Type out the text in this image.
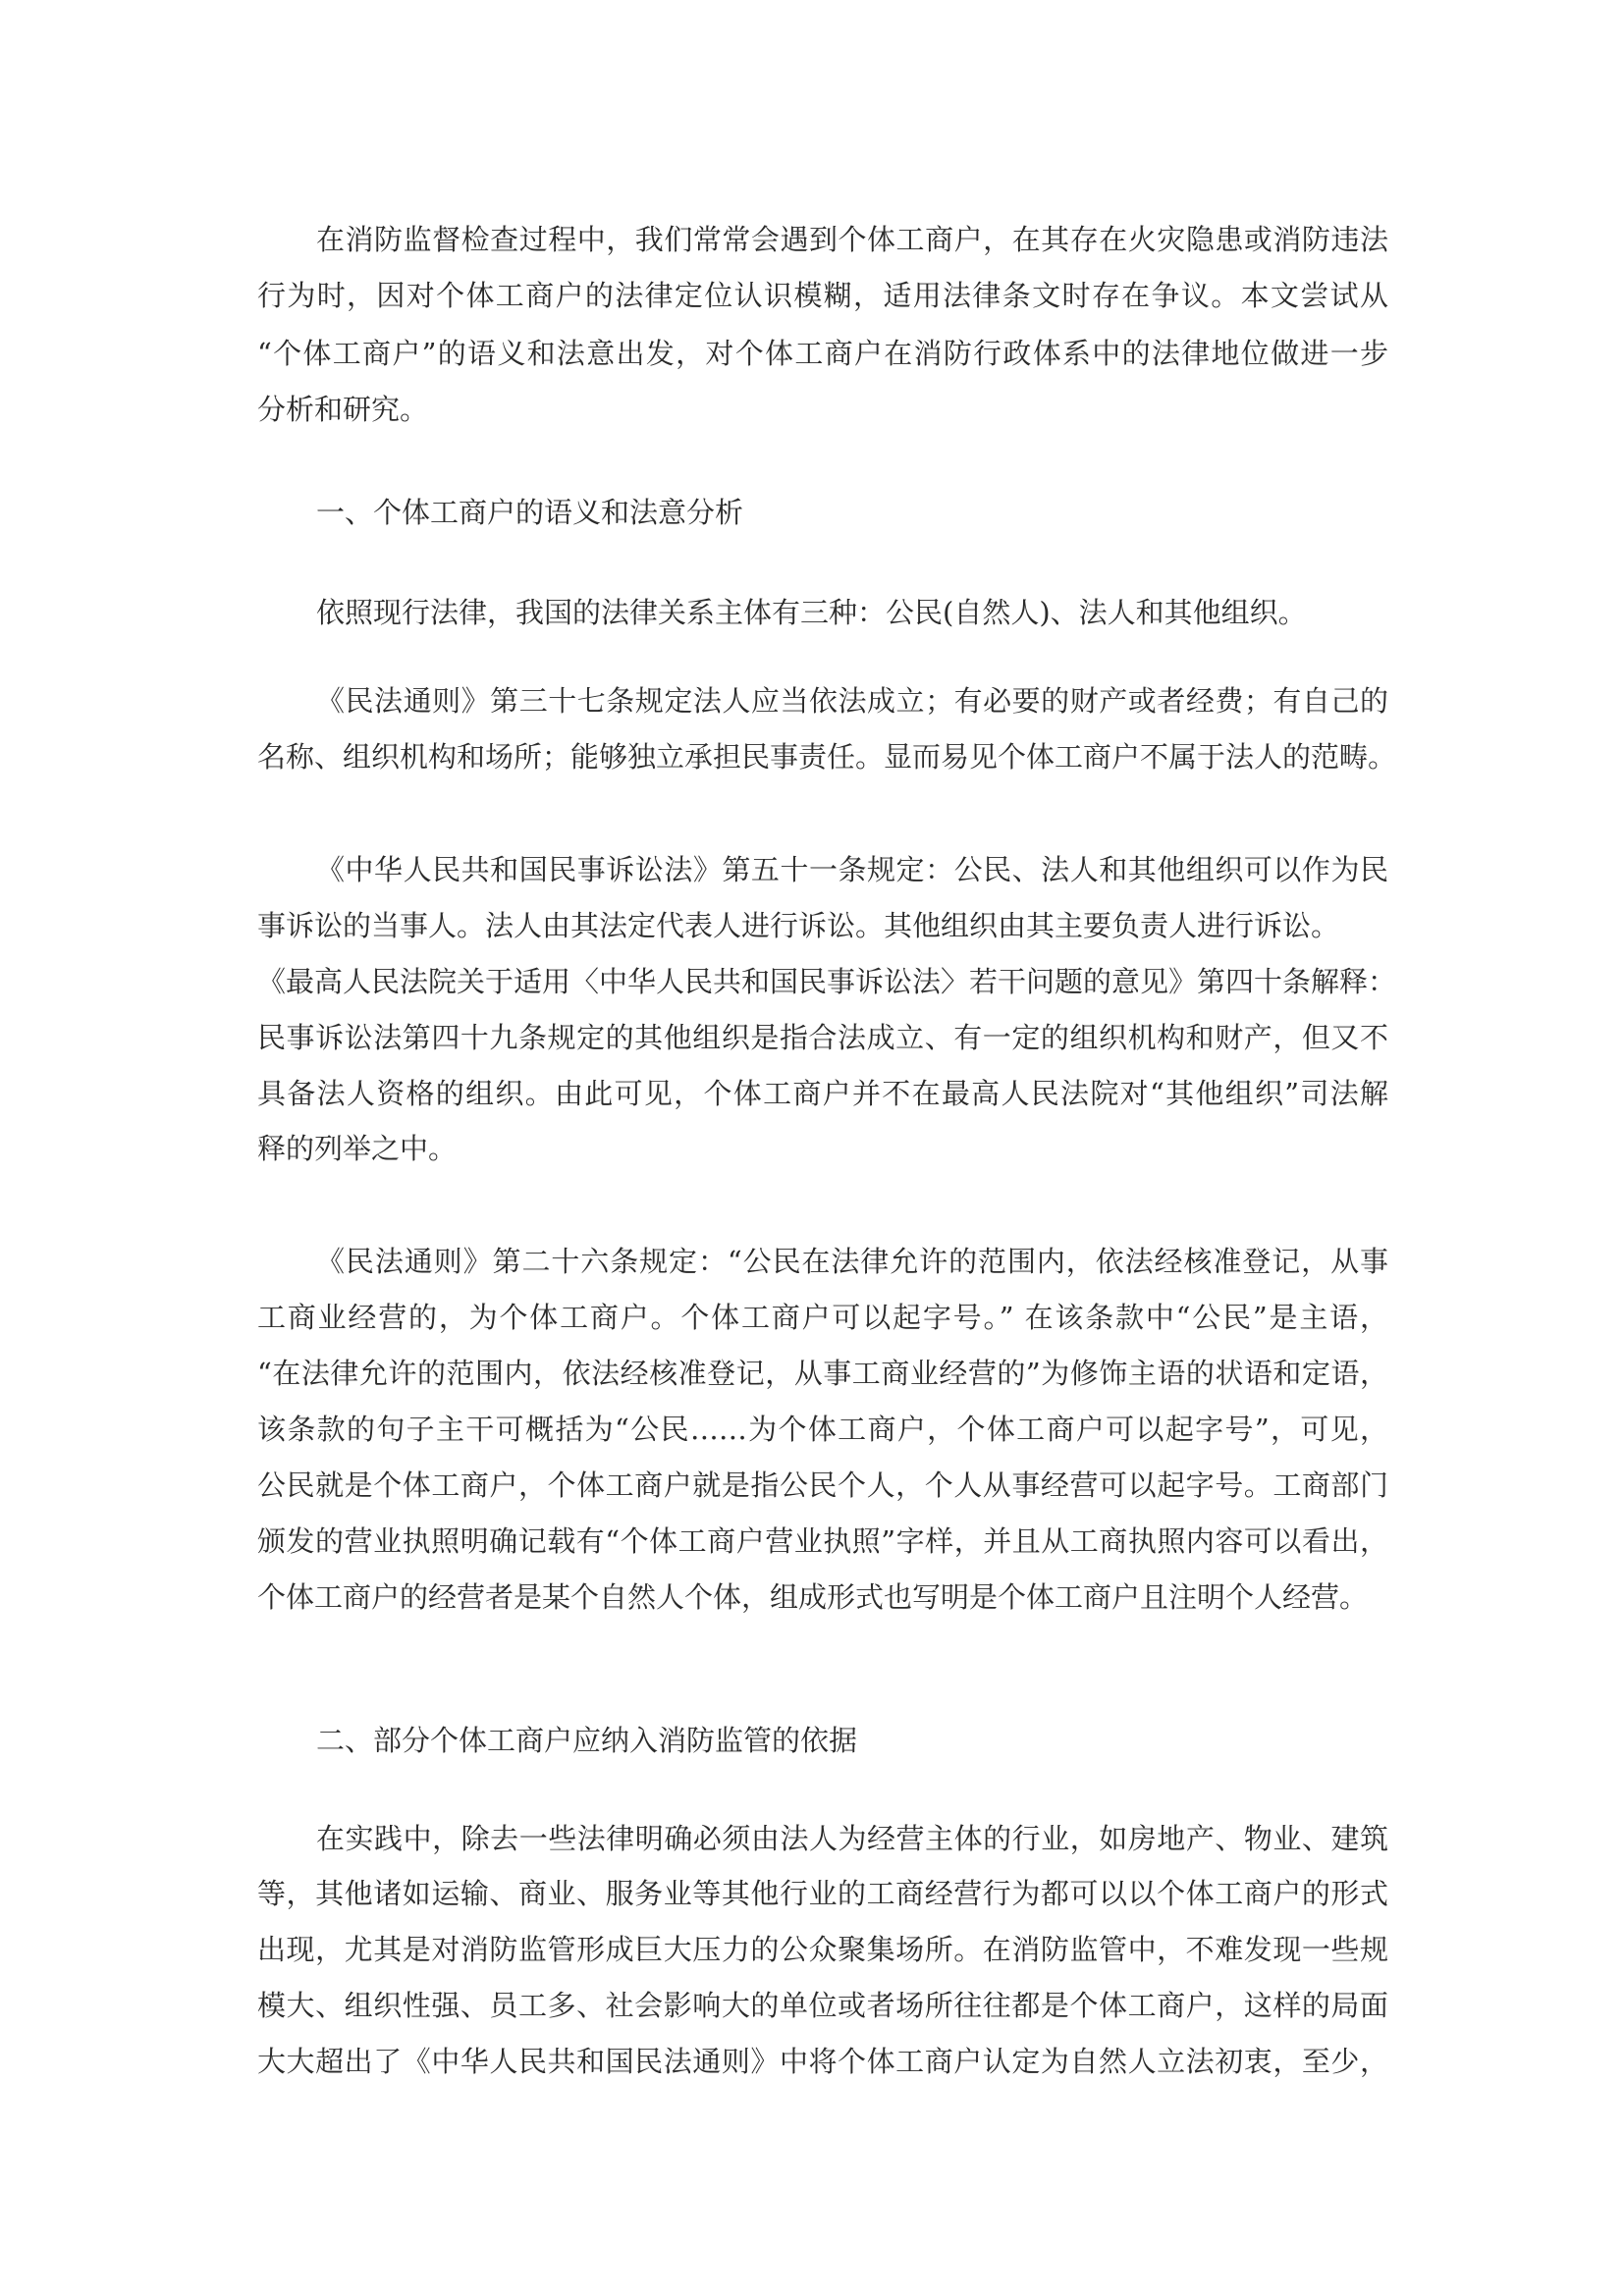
在消防监督检查过程中，我们常常会遇到个体工商户，在其存在火灾隐患或消防违法
行为时，因对个体工商户的法律定位认识模糊，适用法律条文时存在争议。本文尝试从
“个体工商户”的语义和法意出发，对个体工商户在消防行政体系中的法律地位做进一步
分析和研究。
一、个体工商户的语义和法意分析
依照现行法律，我国的法律关系主体有三种：公民(自然人)、法人和其他组织。
《民法通则》第三十七条规定法人应当依法成立；有必要的财产或者经费；有自己的
名称、组织机构和场所；能够独立承担民事责任。显而易见个体工商户不属于法人的范畴。
《中华人民共和国民事诉讼法》第五十一条规定：公民、法人和其他组织可以作为民
事诉讼的当事人。法人由其法定代表人进行诉讼。其他组织由其主要负责人进行诉讼。
《最高人民法院关于适用〈中华人民共和国民事诉讼法〉若干问题的意见》第四十条解释：
民事诉讼法第四十九条规定的其他组织是指合法成立、有一定的组织机构和财产，但又不
具备法人资格的组织。由此可见，个体工商户并不在最高人民法院对“其他组织”司法解
释的列举之中。
《民法通则》第二十六条规定：“公民在法律允许的范围内，依法经核准登记，从事
工商业经营的，为个体工商户。个体工商户可以起字号。” 在该条款中“公民”是主语，
“在法律允许的范围内，依法经核准登记，从事工商业经营的”为修饰主语的状语和定语，
该条款的句子主干可概括为“公民……为个体工商户，个体工商户可以起字号”，可见，
公民就是个体工商户，个体工商户就是指公民个人，个人从事经营可以起字号。工商部门
颁发的营业执照明确记载有“个体工商户营业执照”字样，并且从工商执照内容可以看出，
个体工商户的经营者是某个自然人个体，组成形式也写明是个体工商户且注明个人经营。
二、部分个体工商户应纳入消防监管的依据
在实践中，除去一些法律明确必须由法人为经营主体的行业，如房地产、物业、建筑
等，其他诸如运输、商业、服务业等其他行业的工商经营行为都可以以个体工商户的形式
出现，尤其是对消防监管形成巨大压力的公众聚集场所。在消防监管中，不难发现一些规
模大、组织性强、员工多、社会影响大的单位或者场所往往都是个体工商户，这样的局面
大大超出了《中华人民共和国民法通则》中将个体工商户认定为自然人立法初衷，至少，
